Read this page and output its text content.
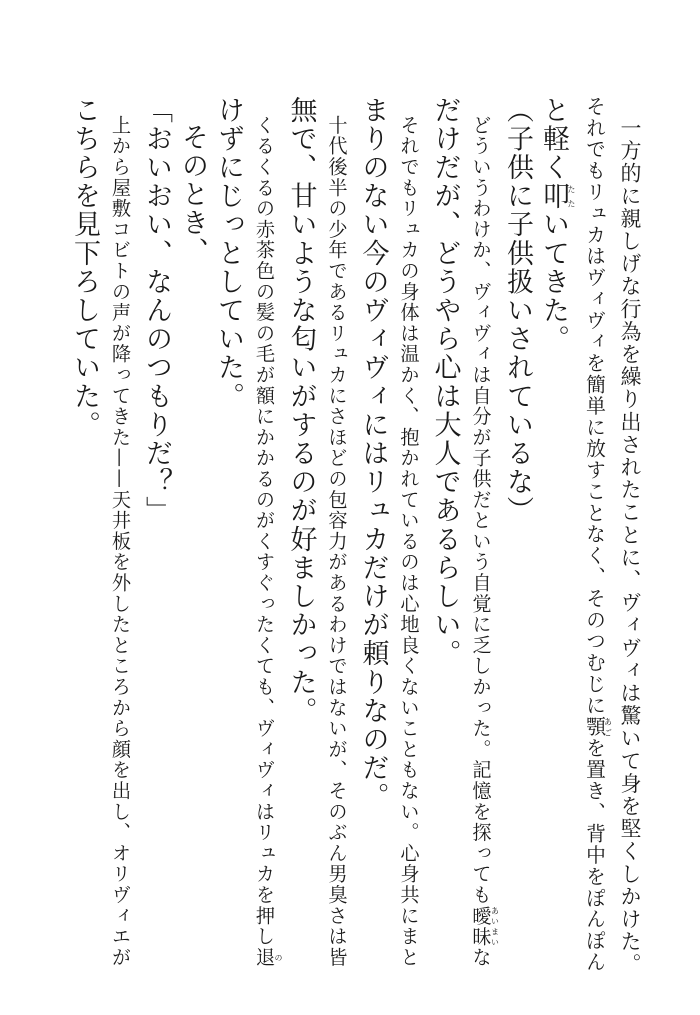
一方的に親しげな行為を繰り出されたことに、ヴィヴィは驚いて身を堅くしかけた。

それでもリュカはヴィヴィを簡単に放すことなく、そのつむじに顎あごを置き、背中をぽんぽん

と軽く叩たたいてきた。

（子供に子供扱いされているな）

どういうわけか、ヴィヴィは自分が子供だという自覚に乏しかった。記憶を探っても曖昧あいまいな

だけだが、どうやら心は大人であるらしい。

それでもリュカの身体は温かく、抱かれているのは心地良くないこともない。心身共にまと

まりのない今のヴィヴィにはリュカだけが頼りなのだ。

十代後半の少年であるリュカにさほどの包容力があるわけではないが、そのぶん男臭さは皆

無で、甘いような匂いがするのが好ましかった。

くるくるの赤茶色の髪の毛が額にかかるのがくすぐったくても、ヴィヴィはリュカを押し退の

けずにじっとしていた。

そのとき、

「おいおい、なんのつもりだ？」

上から屋敷コビトの声が降ってきた——天井板を外したところから顔を出し、オリヴィエが

こちらを見下ろしていた。
